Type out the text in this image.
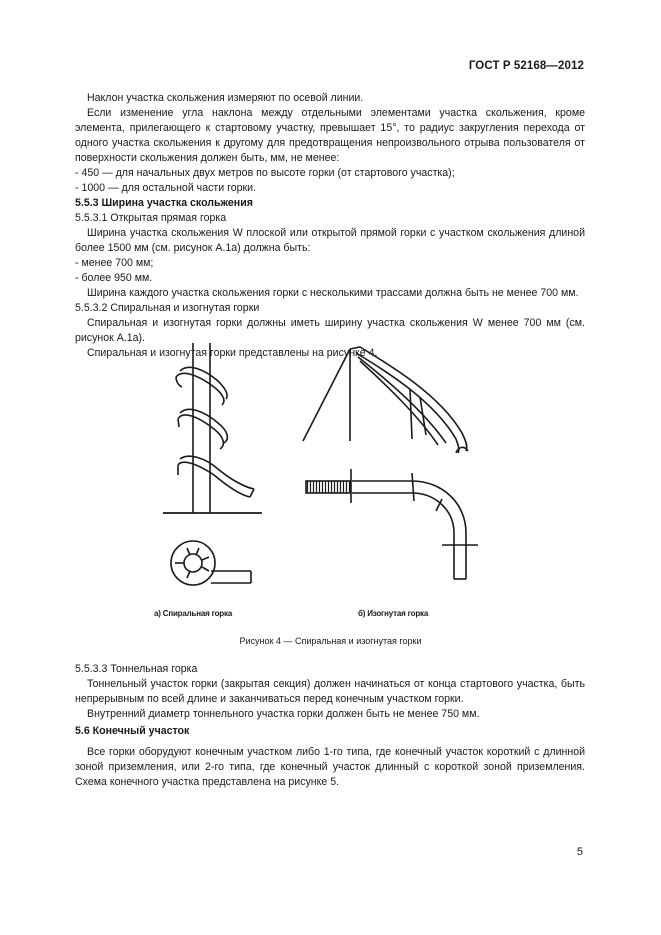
ГОСТ Р 52168—2012

Наклон участка скольжения измеряют по осевой линии.

Если изменение угла наклона между отдельными элементами участка скольжения, кроме элемента, прилегающего к стартовому участку, превышает 15°, то радиус закругления перехода от одного участка скольжения к другому для предотвращения непроизвольного отрыва пользователя от поверхности скольжения должен быть, мм, не менее:

- 450 — для начальных двух метров по высоте горки (от стартового участка);

- 1000 — для остальной части горки.

5.5.3 Ширина участка скольжения

5.5.3.1 Открытая прямая горка

Ширина участка скольжения W плоской или открытой прямой горки с участком скольжения длиной более 1500 мм (см. рисунок А.1а) должна быть:

- менее 700 мм;

- более 950 мм.

Ширина каждого участка скольжения горки с несколькими трассами должна быть не менее 700 мм.

5.5.3.2 Спиральная и изогнутая горки

Спиральная и изогнутая горки должны иметь ширину участка скольжения W менее 700 мм (см. рисунок А.1а).

Спиральная и изогнутая горки представлены на рисунке 4.

а) Спиральная горка	б) Изогнутая горка
Рисунок 4 — Спиральная и изогнутая горки

5.5.3.3 Тоннельная горка

Тоннельный участок горки (закрытая секция) должен начинаться от конца стартового участка, быть непрерывным по всей длине и заканчиваться перед конечным участком горки.

Внутренний диаметр тоннельного участка горки должен быть не менее 750 мм.

5.6 Конечный участок

Все горки оборудуют конечным участком либо 1-го типа, где конечный участок короткий с длинной зоной приземления, или 2-го типа, где конечный участок длинный с короткой зоной приземления. Схема конечного участка представлена на рисунке 5.

5
